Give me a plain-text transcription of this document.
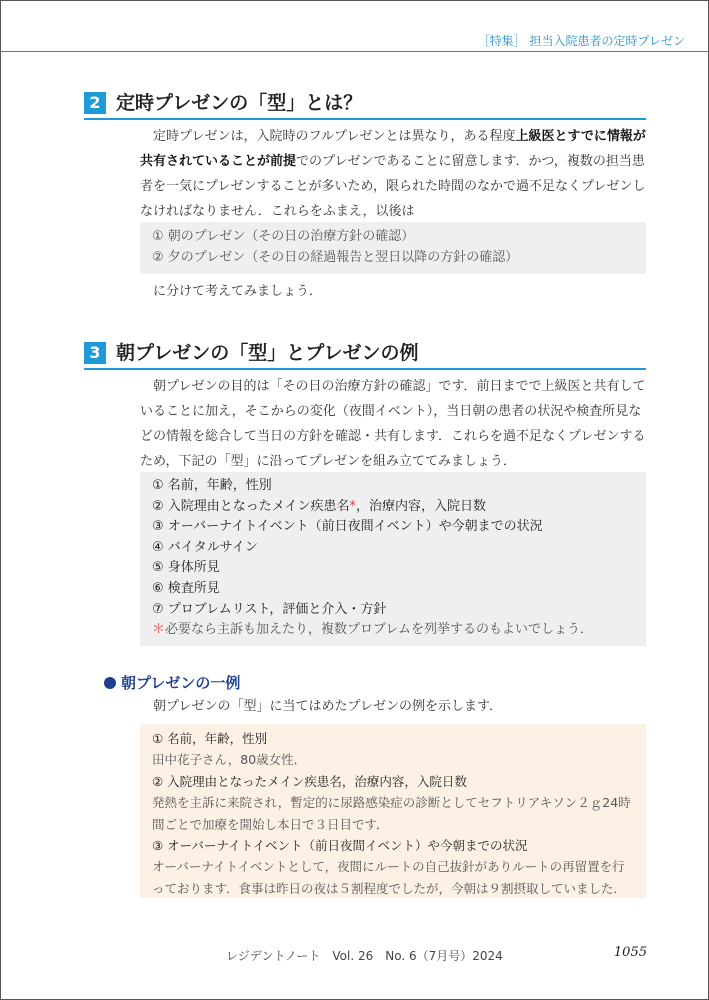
［特集］ 担当入院患者の定時プレゼン
2 定時プレゼンの「型」とは？
定時プレゼンは，入院時のフルプレゼンとは異なり，ある程度上級医とすでに情報が共有されていることが前提でのプレゼンであることに留意します．かつ，複数の担当患者を一気にプレゼンすることが多いため，限られた時間のなかで過不足なくプレゼンしなければなりません．これらをふまえ，以後は
① 朝のプレゼン（その日の治療方針の確認）
② 夕のプレゼン（その日の経過報告と翌日以降の方針の確認）
に分けて考えてみましょう．
3 朝プレゼンの「型」とプレゼンの例
朝プレゼンの目的は「その日の治療方針の確認」です．前日までで上級医と共有していることに加え，そこからの変化（夜間イベント），当日朝の患者の状況や検査所見などの情報を総合して当日の方針を確認・共有します．これらを過不足なくプレゼンするため，下記の「型」に沿ってプレゼンを組み立ててみましょう．
① 名前，年齢，性別
② 入院理由となったメイン疾患名*，治療内容，入院日数
③ オーバーナイトイベント（前日夜間イベント）や今朝までの状況
④ バイタルサイン
⑤ 身体所見
⑥ 検査所見
⑦ プロブレムリスト，評価と介入・方針
＊必要なら主訴も加えたり，複数プロブレムを列挙するのもよいでしょう．
朝プレゼンの一例
朝プレゼンの「型」に当てはめたプレゼンの例を示します．
① 名前，年齢，性別
田中花子さん，80歳女性．
② 入院理由となったメイン疾患名，治療内容，入院日数
発熱を主訴に来院され，暫定的に尿路感染症の診断としてセフトリアキソン２ｇ24時間ごとで加療を開始し本日で３日目です．
③ オーバーナイトイベント（前日夜間イベント）や今朝までの状況
オーバーナイトイベントとして，夜間にルートの自己抜針がありルートの再留置を行っております．食事は昨日の夜は５割程度でしたが，今朝は９割摂取していました．
レジデントノート　Vol. 26　No. 6（7月号）2024	1055
